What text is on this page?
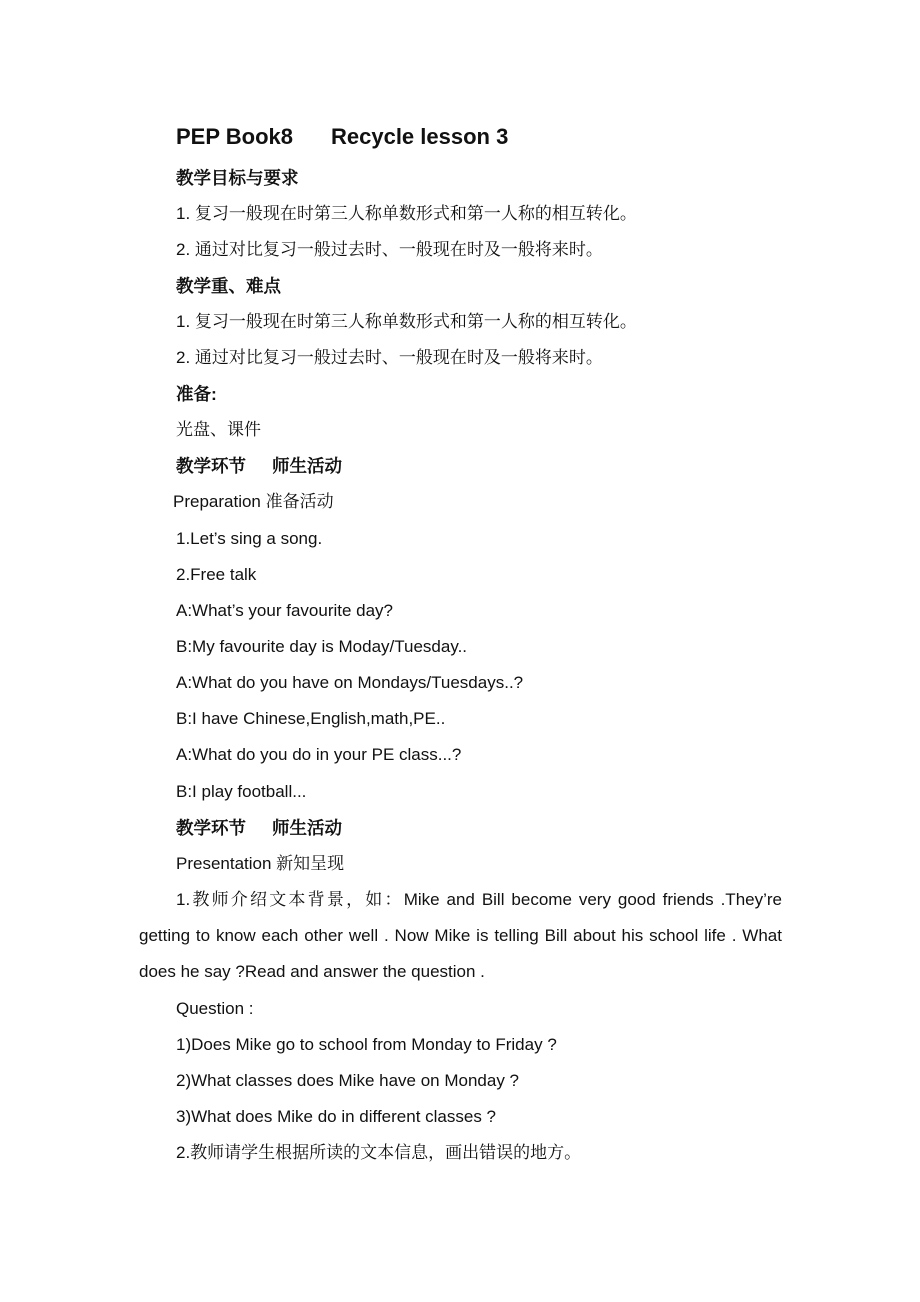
PEP Book8 Recycle lesson 3
教学目标与要求
1. 复习一般现在时第三人称单数形式和第一人称的相互转化。
2. 通过对比复习一般过去时、一般现在时及一般将来时。
教学重、难点
1. 复习一般现在时第三人称单数形式和第一人称的相互转化。
2. 通过对比复习一般过去时、一般现在时及一般将来时。
准备:
光盘、课件
教学环节 师生活动
Preparation 准备活动
1.Let’s sing a song.
2.Free talk
A:What’s your favourite day?
B:My favourite day is Moday/Tuesday..
A:What do you have on Mondays/Tuesdays..?
B:I have Chinese,English,math,PE..
A:What do you do in your PE class...?
B:I play football...
教学环节 师生活动
Presentation 新知呈现
1.教师介绍文本背景，如：Mike and Bill become very good friends .They’re getting to know each other well . Now Mike is telling Bill about his school life . What does he say ?Read and answer the question .
Question :
1)Does Mike go to school from Monday to Friday ?
2)What classes does Mike have on Monday ?
3)What does Mike do in different classes ?
2.教师请学生根据所读的文本信息，画出错误的地方。
